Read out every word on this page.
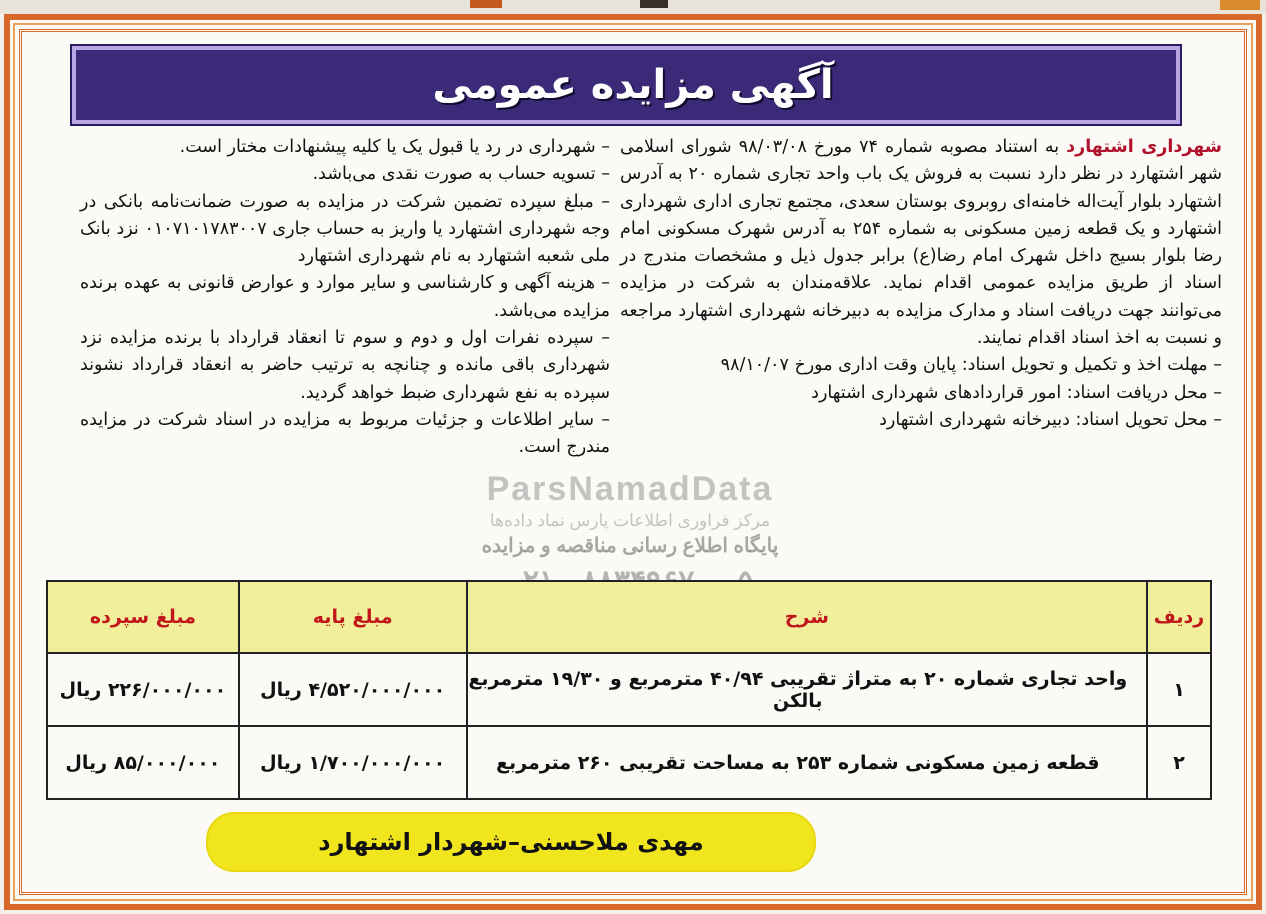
آگهی مزایده عمومی
شهرداری اشتهارد به استناد مصوبه شماره ۷۴ مورخ ۹۸/۰۳/۰۸ شورای اسلامی شهر اشتهارد در نظر دارد نسبت به فروش یک باب واحد تجاری شماره ۲۰ به آدرس اشتهارد بلوار آیت‌اله خامنه‌ای روبروی بوستان سعدی، مجتمع تجاری اداری شهرداری اشتهارد و یک قطعه زمین مسکونی به شماره ۲۵۴ به آدرس شهرک مسکونی امام رضا بلوار بسیج داخل شهرک امام رضا(ع) برابر جدول ذیل و مشخصات مندرج در اسناد از طریق مزایده عمومی اقدام نماید. علاقه‌مندان به شرکت در مزایده می‌توانند جهت دریافت اسناد و مدارک مزایده به دبیرخانه شهرداری اشتهارد مراجعه و نسبت به اخذ اسناد اقدام نمایند.
– مهلت اخذ و تکمیل و تحویل اسناد: پایان وقت اداری مورخ ۹۸/۱۰/۰۷
– محل دریافت اسناد: امور قراردادهای شهرداری اشتهارد
– محل تحویل اسناد: دبیرخانه شهرداری اشتهارد
– شهرداری در رد یا قبول یک یا کلیه پیشنهادات مختار است.
– تسویه حساب به صورت نقدی می‌باشد.
– مبلغ سپرده تضمین شرکت در مزایده به صورت ضمانت‌نامه بانکی در وجه شهرداری اشتهارد یا واریز به حساب جاری ۰۱۰۷۱۰۱۷۸۳۰۰۷ نزد بانک ملی شعبه اشتهارد به نام شهرداری اشتهارد
– هزینه آگهی و کارشناسی و سایر موارد و عوارض قانونی به عهده برنده مزایده می‌باشد.
– سپرده نفرات اول و دوم و سوم تا انعقاد قرارداد با برنده مزایده نزد شهرداری باقی مانده و چنانچه به ترتیب حاضر به انعقاد قرارداد نشوند سپرده به نفع شهرداری ضبط خواهد گردید.
– سایر اطلاعات و جزئیات مربوط به مزایده در اسناد شرکت در مزایده مندرج است.
ParsNamadData
مرکز فراوری اطلاعات پارس نماد داده‌ها
پایگاه اطلاع رسانی مناقصه و مزایده
ردیف	شرح	مبلغ پایه	مبلغ سپرده
۱	واحد تجاری شماره ۲۰ به متراژ تقریبی ۴۰/۹۴ مترمربع و ۱۹/۳۰ مترمربع بالکن	۴/۵۲۰/۰۰۰/۰۰۰ ریال	۲۲۶/۰۰۰/۰۰۰ ریال
۲	قطعه زمین مسکونی شماره ۲۵۳ به مساحت تقریبی ۲۶۰ مترمربع	۱/۷۰۰/۰۰۰/۰۰۰ ریال	۸۵/۰۰۰/۰۰۰ ریال
مهدی ملاحسنی–شهردار اشتهارد
